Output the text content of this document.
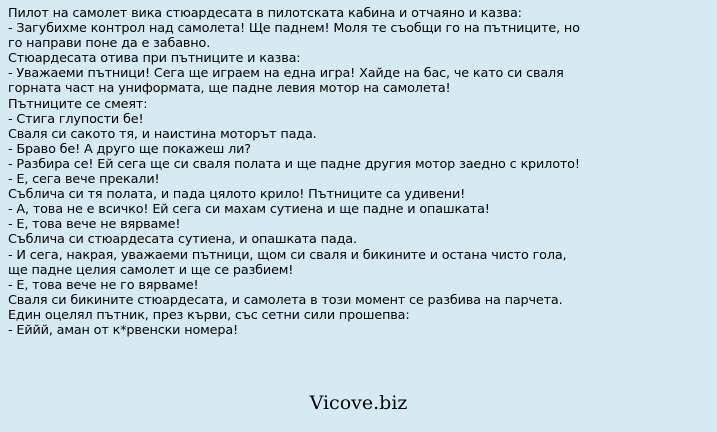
Пилот на самолет вика стюардесата в пилотската кабина и отчаяно и казва:
- Загубихме контрол над самолета! Ще паднем! Моля те съобщи го на пътниците, но
го направи поне да е забавно.
Стюардесата отива при пътниците и казва:
- Уважаеми пътници! Сега ще играем на една игра! Хайде на бас, че като си сваля
горната част на униформата, ще падне левия мотор на самолета!
Пътниците се смеят:
- Стига глупости бе!
Сваля си сакото тя, и наистина моторът пада.
- Браво бе! А друго ще покажеш ли?
- Разбира се! Ей сега ще си сваля полата и ще падне другия мотор заедно с крилото!
- Е, сега вече прекали!
Съблича си тя полата, и пада цялото крило! Пътниците са удивени!
- А, това не е всичко! Ей сега си махам сутиена и ще падне и опашката!
- Е, това вече не вярваме!
Съблича си стюардесата сутиена, и опашката пада.
- И сега, накрая, уважаеми пътници, щом си сваля и бикините и остана чисто гола,
ще падне целия самолет и ще се разбием!
- Е, това вече не го вярваме!
Сваля си бикините стюардесата, и самолета в този момент се разбива на парчета.
Един оцелял пътник, през кърви, със сетни сили прошепва:
- Еййй, аман от к*рвенски номера!
Vicove.biz
